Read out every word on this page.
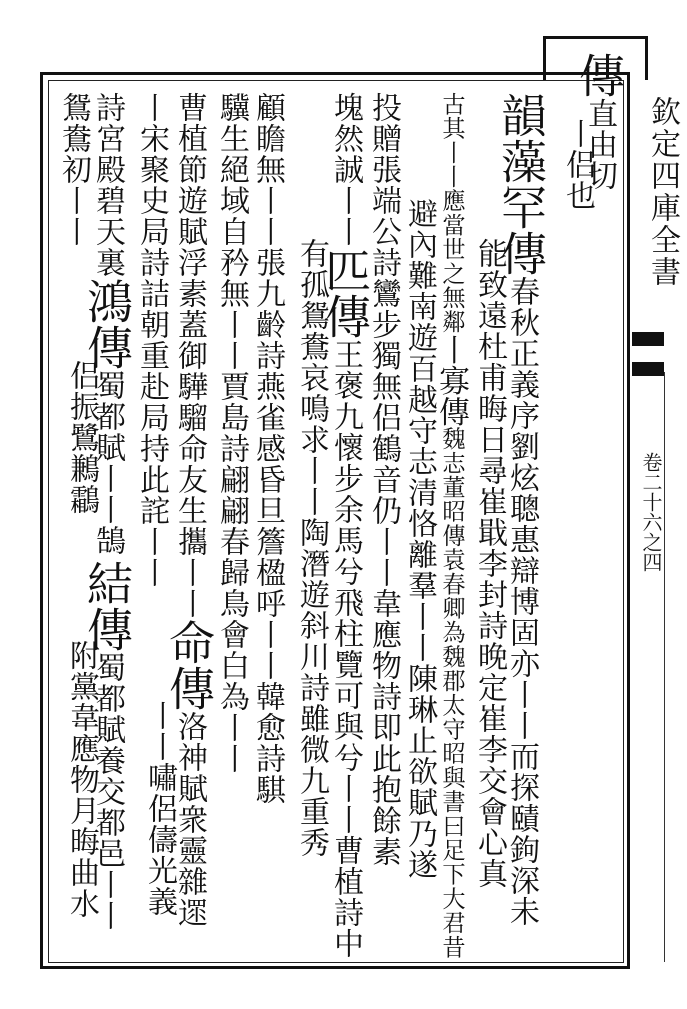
欽定四庫全書
卷二十六之四
傳直由切
丨侣也
韻藻罕傳春秋正義序劉炫聰惠辯博固亦丨丨而探賾鉤深未
能致遠杜甫晦日尋崔戢李封詩晚定崔李交會心真
古其丨丨應當世之無鄰丨寡傳魏志董昭傳袁春卿為魏郡太守昭與書曰足下大君昔
避內難南遊百越守志清恪離羣丨丨陳琳止欲賦乃遂
投贈張端公詩鸞步獨無侣鶴音仍丨丨韋應物詩即此抱餘素
塊然誠丨丨匹傳王褒九懷步余馬兮飛柱覽可與兮丨丨曹植詩中
有孤鴛鴦哀鳴求丨丨陶潛遊斜川詩雖微九重秀
顧瞻無丨丨張九齡詩燕雀感昏旦簷楹呼丨丨韓愈詩騏
驥生絕域自矜無丨丨賈島詩翩翩春歸鳥會白為丨丨
曹植節遊賦浮素蓋御驊騮命友生攜丨丨命傳洛神賦衆靈雜遝
丨丨嘯侶儔光義
丨宋聚史局詩詰朝重赴局持此詫丨丨
詩宮殿碧天裏鴻傳蜀都賦丨丨鵠
侣振鷺鶼鸘
結傳蜀都賦養交都邑丨丨
附黨韋應物月晦曲水
鴛鴦初丨丨
